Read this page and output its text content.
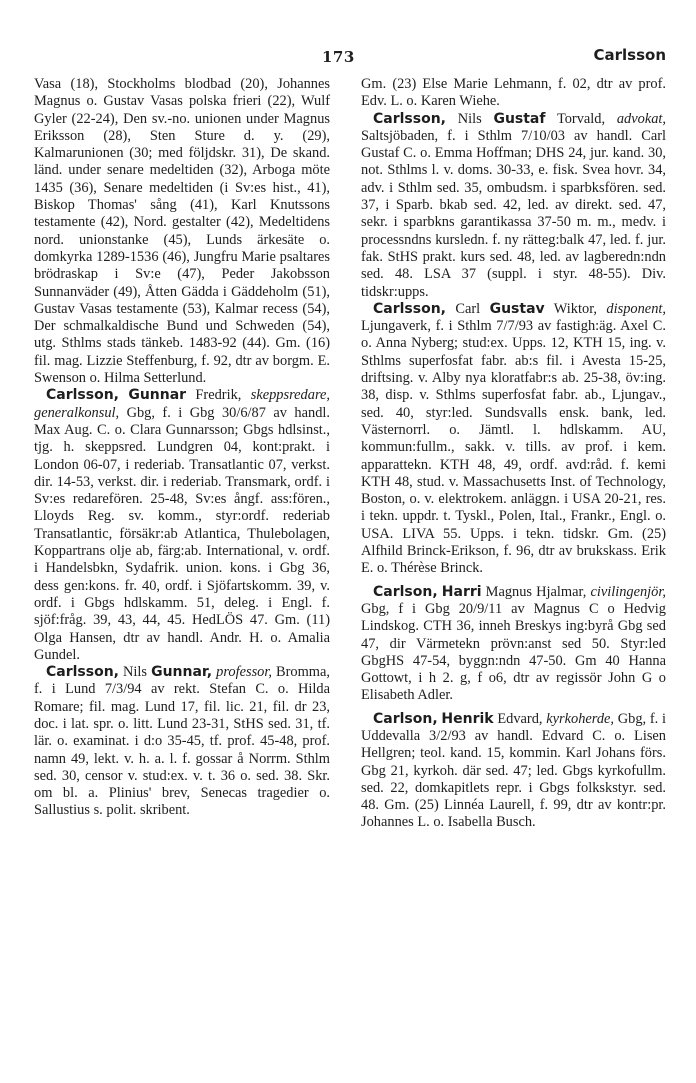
173	Carlsson

Vasa (18), Stockholms blodbad (20), Johannes Magnus o. Gustav Vasas polska frieri (22), Wulf Gyler (22-24), Den sv.-no. unionen under Magnus Eriksson (28), Sten Sture d. y. (29), Kalmarunionen (30; med följdskr. 31), De skand. länd. under senare medeltiden (32), Arboga möte 1435 (36), Senare medeltiden (i Sv:es hist., 41), Biskop Thomas' sång (41), Karl Knutssons testamente (42), Nord. gestalter (42), Medeltidens nord. unionstanke (45), Lunds ärkesäte o. domkyrka 1289-1536 (46), Jungfru Marie psaltares brödraskap i Sv:e (47), Peder Jakobsson Sunnanväder (49), Åtten Gädda i Gäddeholm (51), Gustav Vasas testamente (53), Kalmar recess (54), Der schmalkaldische Bund und Schweden (54), utg. Sthlms stads tänkeb. 1483-92 (44). Gm. (16) fil. mag. Lizzie Steffenburg, f. 92, dtr av borgm. E. Swenson o. Hilma Setterlund.

Carlsson, Gunnar Fredrik, skeppsredare, generalkonsul, Gbg, f. i Gbg 30/6/87 av handl. Max Aug. C. o. Clara Gunnarsson; Gbgs hdlsinst., tjg. h. skeppsred. Lundgren 04, kont:prakt. i London 06-07, i rederiab. Transatlantic 07, verkst. dir. 14-53, verkst. dir. i rederiab. Transmark, ordf. i Sv:es redarefören. 25-48, Sv:es ångf. ass:fören., Lloyds Reg. sv. komm., styr:ordf. rederiab Transatlantic, försäkr:ab Atlantica, Thulebolagen, Koppartrans olje ab, färg:ab. International, v. ordf. i Handelsbkn, Sydafrik. union. kons. i Gbg 36, dess gen:kons. fr. 40, ordf. i Sjöfartskomm. 39, v. ordf. i Gbgs hdlskamm. 51, deleg. i Engl. f. sjöf:fråg. 39, 43, 44, 45. HedLÖS 47. Gm. (11) Olga Hansen, dtr av handl. Andr. H. o. Amalia Gundel.

Carlsson, Nils Gunnar, professor, Bromma, f. i Lund 7/3/94 av rekt. Stefan C. o. Hilda Romare; fil. mag. Lund 17, fil. lic. 21, fil. dr 23, doc. i lat. spr. o. litt. Lund 23-31, StHS sed. 31, tf. lär. o. examinat. i d:o 35-45, tf. prof. 45-48, prof. namn 49, lekt. v. h. a. l. f. gossar å Norrm. Sthlm sed. 30, censor v. stud:ex. v. t. 36 o. sed. 38. Skr. om bl. a. Plinius' brev, Senecas tragedier o. Sallustius s. polit. skribent.

Gm. (23) Else Marie Lehmann, f. 02, dtr av prof. Edv. L. o. Karen Wiehe.

Carlsson, Nils Gustaf Torvald, advokat, Saltsjöbaden, f. i Sthlm 7/10/03 av handl. Carl Gustaf C. o. Emma Hoffman; DHS 24, jur. kand. 30, not. Sthlms l. v. doms. 30-33, e. fisk. Svea hovr. 34, adv. i Sthlm sed. 35, ombudsm. i sparbksfören. sed. 37, i Sparb. bkab sed. 42, led. av direkt. sed. 47, sekr. i sparbkns garantikassa 37-50 m. m., medv. i processndns kursledn. f. ny rätteg:balk 47, led. f. jur. fak. StHS prakt. kurs sed. 48, led. av lagberedn:ndn sed. 48. LSA 37 (suppl. i styr. 48-55). Div. tidskr:upps.

Carlsson, Carl Gustav Wiktor, disponent, Ljungaverk, f. i Sthlm 7/7/93 av fastigh:äg. Axel C. o. Anna Nyberg; stud:ex. Upps. 12, KTH 15, ing. v. Sthlms superfosfat fabr. ab:s fil. i Avesta 15-25, driftsing. v. Alby nya kloratfabr:s ab. 25-38, öv:ing. 38, disp. v. Sthlms superfosfat fabr. ab., Ljungav., sed. 40, styr:led. Sundsvalls ensk. bank, led. Västernorrl. o. Jämtl. l. hdlskamm. AU, kommun:fullm., sakk. v. tills. av prof. i kem. apparattekn. KTH 48, 49, ordf. avd:råd. f. kemi KTH 48, stud. v. Massachusetts Inst. of Technology, Boston, o. v. elektrokem. anläggn. i USA 20-21, res. i tekn. uppdr. t. Tyskl., Polen, Ital., Frankr., Engl. o. USA. LIVA 55. Upps. i tekn. tidskr. Gm. (25) Alfhild Brinck-Erikson, f. 96, dtr av brukskass. Erik E. o. Thérèse Brinck.

Carlson, Harri Magnus Hjalmar, civilingenjör, Gbg, f i Gbg 20/9/11 av Magnus C o Hedvig Lindskog. CTH 36, inneh Breskys ing:byrå Gbg sed 47, dir Värmetekn prövn:anst sed 50. Styr:led GbgHS 47-54, byggn:ndn 47-50. Gm 40 Hanna Gottowt, i h 2. g, f o6, dtr av regissör John G o Elisabeth Adler.

Carlson, Henrik Edvard, kyrkoherde, Gbg, f. i Uddevalla 3/2/93 av handl. Edvard C. o. Lisen Hellgren; teol. kand. 15, kommin. Karl Johans förs. Gbg 21, kyrkoh. där sed. 47; led. Gbgs kyrkofullm. sed. 22, domkapitlets repr. i Gbgs folkskstyr. sed. 48. Gm. (25) Linnéa Laurell, f. 99, dtr av kontr:pr. Johannes L. o. Isabella Busch.
